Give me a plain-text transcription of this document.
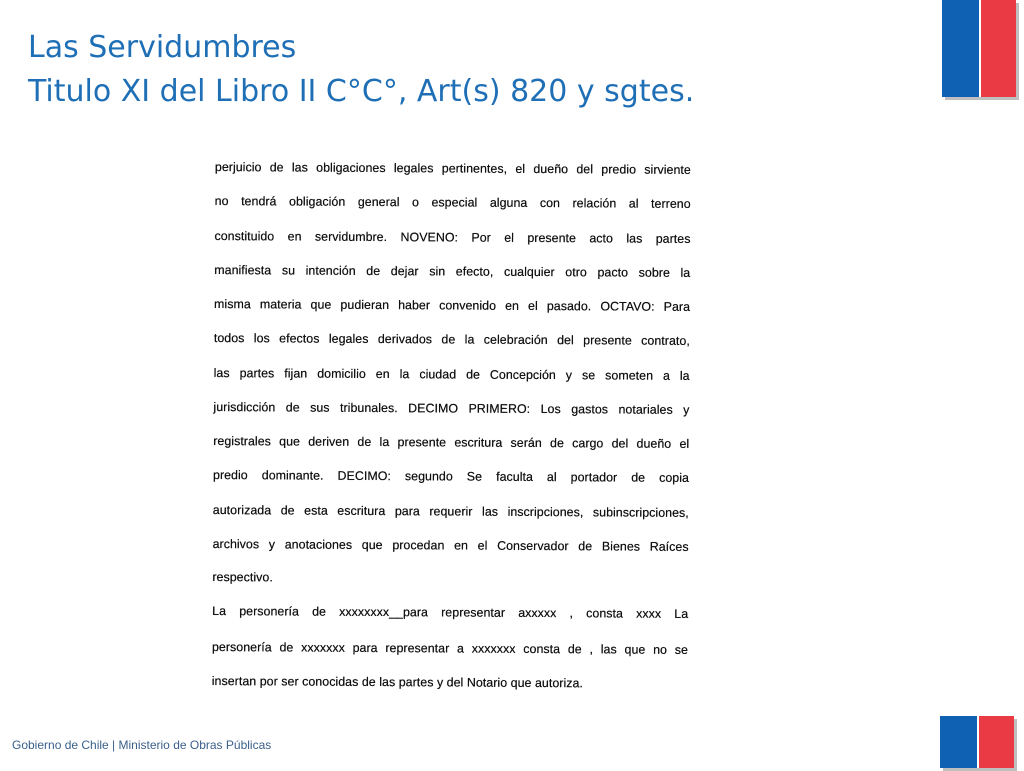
Las Servidumbres
Titulo XI del Libro II C°C°, Art(s) 820 y sgtes.
perjuicio de las obligaciones legales pertinentes, el dueño del predio sirviente
no tendrá obligación general o especial alguna con relación al terreno
constituido en servidumbre. NOVENO: Por el presente acto las partes
manifiesta su intención de dejar sin efecto, cualquier otro pacto sobre la
misma materia que pudieran haber convenido en el pasado. OCTAVO: Para
todos los efectos legales derivados de la celebración del presente contrato,
las partes fijan domicilio en la ciudad de Concepción y se someten a la
jurisdicción de sus tribunales. DECIMO PRIMERO: Los gastos notariales y
registrales que deriven de la presente escritura serán de cargo del dueño el
predio dominante. DECIMO: segundo Se faculta al portador de copia
autorizada de esta escritura para requerir las inscripciones, subinscripciones,
archivos y anotaciones que procedan en el Conservador de Bienes Raíces
respectivo.
La personería de xxxxxxxx__para representar axxxxx , consta xxxx La
personería de xxxxxxx para representar a xxxxxxx consta de , las que no se
insertan por ser conocidas de las partes y del Notario que autoriza.
Gobierno de Chile | Ministerio de Obras Públicas
